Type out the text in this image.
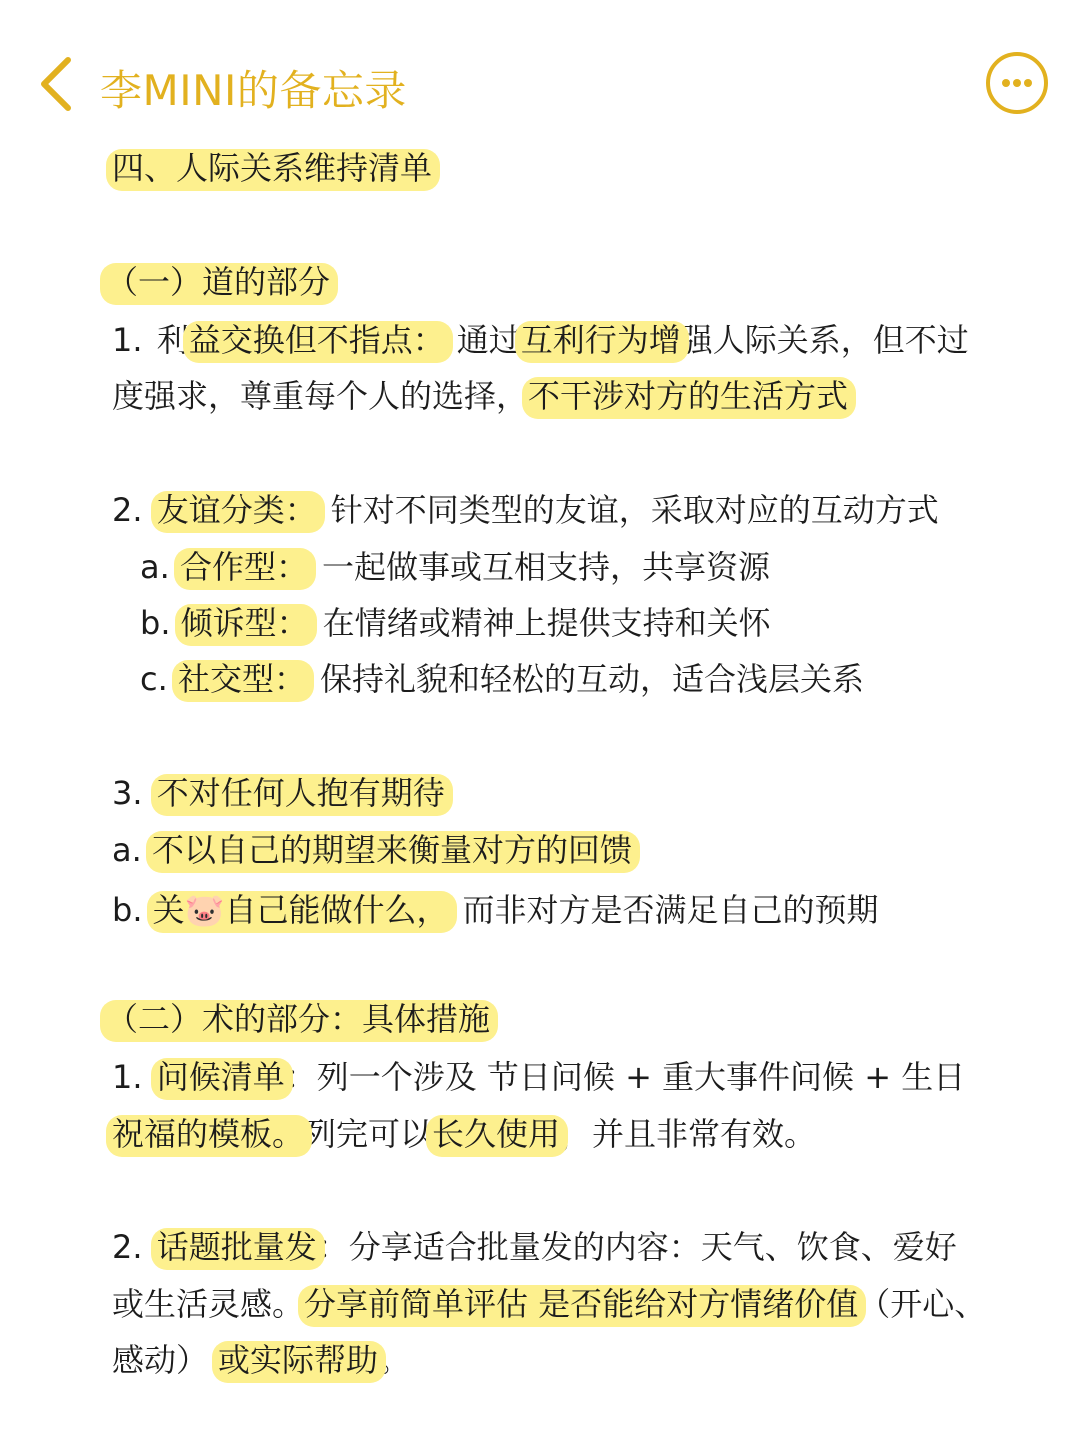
李MINI的备忘录
四、人际关系维持清单
（一）道的部分
1. 利益交换但不指点： 通过互利行为增强人际关系，但不过
度强求，尊重每个人的选择，不干涉对方的生活方式
2. 友谊分类： 针对不同类型的友谊，采取对应的互动方式
a. 合作型： 一起做事或互相支持，共享资源
b. 倾诉型： 在情绪或精神上提供支持和关怀
c. 社交型： 保持礼貌和轻松的互动，适合浅层关系
3. 不对任何人抱有期待
a. 不以自己的期望来衡量对方的回馈
b. 关🐷自己能做什么， 而非对方是否满足自己的预期
（二）术的部分：具体措施
1. 问候清单：列一个涉及 节日问候 + 重大事件问候 + 生日
祝福的模板。列完可以长久使用，并且非常有效。
2. 话题批量发：分享适合批量发的内容：天气、饮食、爱好
或生活灵感。分享前简单评估 是否能给对方情绪价值（开心、
感动） 或实际帮助。
